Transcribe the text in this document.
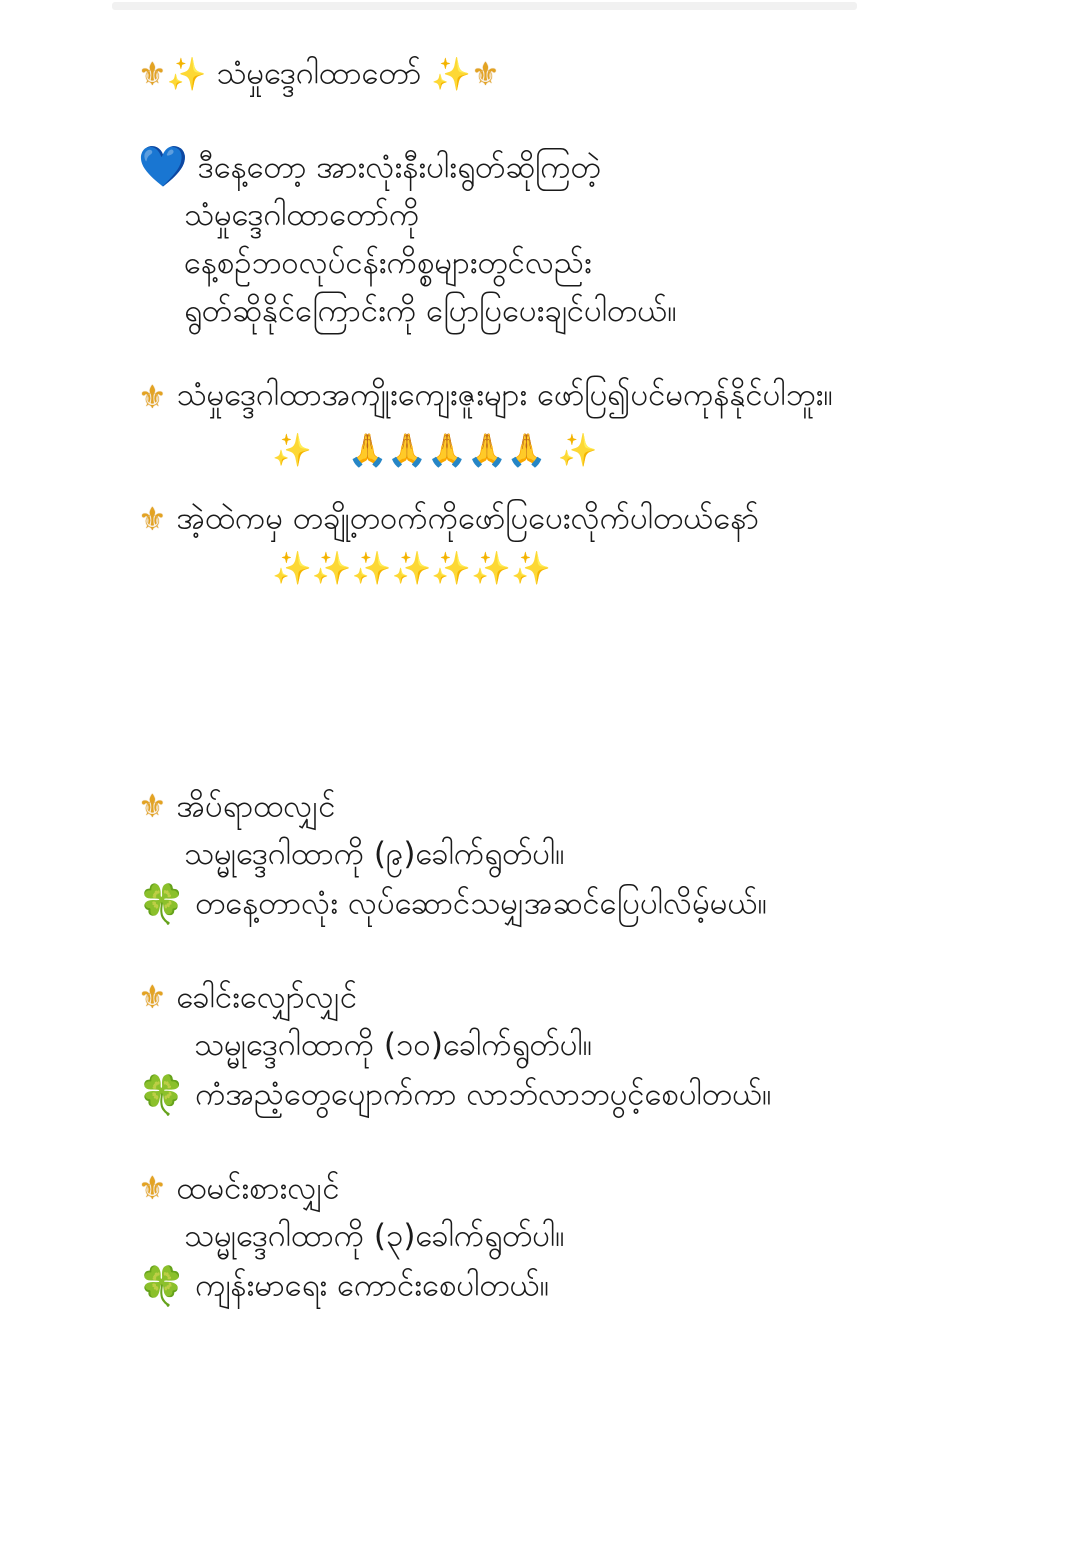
⚜✨ သံမှုဒ္ဒေဂါထာတော် ✨⚜
💙 ဒီနေ့တော့ အားလုံးနီးပါးရွတ်ဆိုကြတဲ့
သံမှုဒ္ဒေဂါထာတော်ကို
နေ့စဉ်ဘဝလုပ်ငန်းကိစ္စများတွင်လည်း
ရွတ်ဆိုနိုင်ကြောင်းကို ပြောပြပေးချင်ပါတယ်။
⚜ သံမှုဒ္ဒေဂါထာအကျိုးကျေးဇူးများ ဖော်ပြ၍ပင်မကုန်နိုင်ပါဘူး။
✨ 🙏🙏🙏🙏🙏 ✨
⚜ အဲ့ထဲကမှ တချို့တဝက်ကိုဖော်ပြပေးလိုက်ပါတယ်နော်
✨✨✨✨✨✨✨
⚜ အိပ်ရာထလျှင်
သမ္မုဒ္ဒေဂါထာကို (၉)ခေါက်ရွတ်ပါ။
🍀 တနေ့တာလုံး လုပ်ဆောင်သမျှအဆင်ပြေပါလိမ့်မယ်။
⚜ ခေါင်းလျှော်လျှင်
သမ္မုဒ္ဒေဂါထာကို (၁၀)ခေါက်ရွတ်ပါ။
🍀 ကံအညံ့တွေပျောက်ကာ လာဘ်လာဘပွင့်စေပါတယ်။
⚜ ထမင်းစားလျှင်
သမ္မုဒ္ဒေဂါထာကို (၃)ခေါက်ရွတ်ပါ။
🍀 ကျန်းမာရေး ကောင်းစေပါတယ်။
